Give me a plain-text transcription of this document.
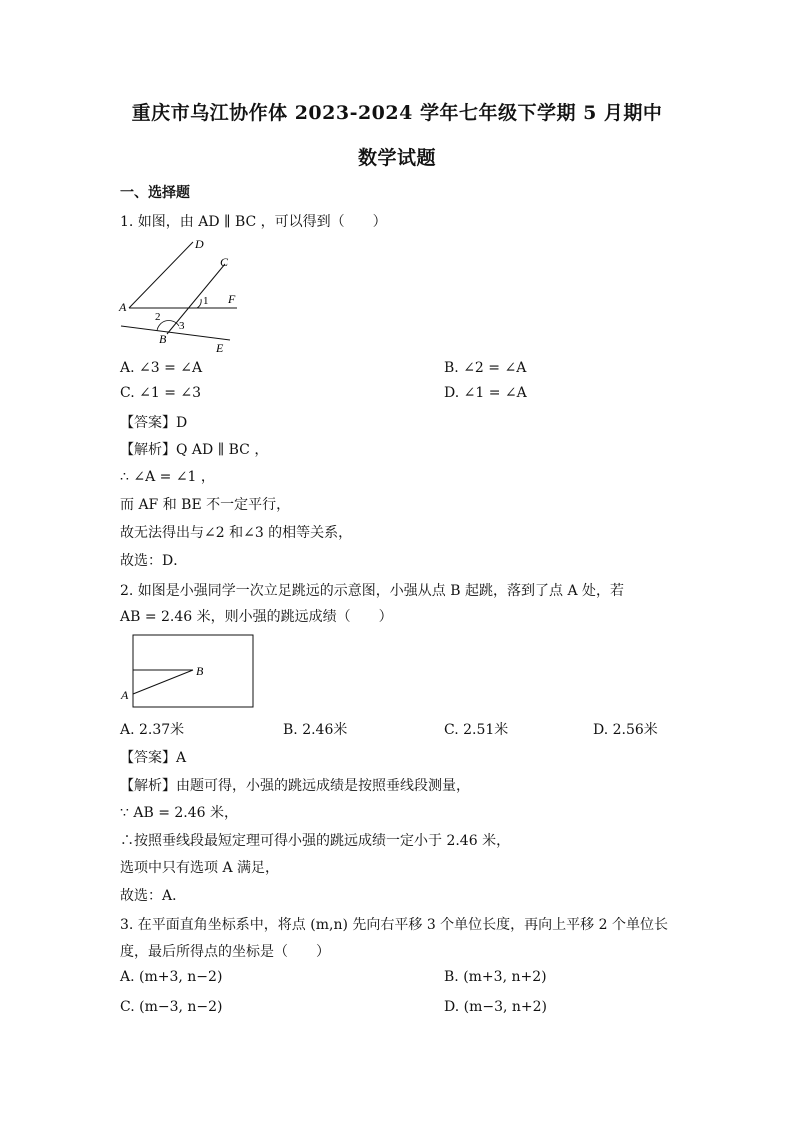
重庆市乌江协作体 2023-2024 学年七年级下学期 5 月期中
数学试题
一、选择题
1. 如图，由 AD ∥ BC ，可以得到（　　）
D
C
A
F
1
2
3
B
E
A. ∠3 = ∠A	B. ∠2 = ∠A
C. ∠1 = ∠3	D. ∠1 = ∠A
【答案】D
【解析】Q AD ∥ BC ，
∴ ∠A = ∠1 ，
而 AF 和 BE 不一定平行，
故无法得出与∠2 和∠3 的相等关系，
故选：D．
2. 如图是小强同学一次立足跳远的示意图，小强从点 B 起跳，落到了点 A 处，若
AB = 2.46 米，则小强的跳远成绩（　　）
B
A
A. 2.37米	B. 2.46米	C. 2.51米	D. 2.56米
【答案】A
【解析】由题可得，小强的跳远成绩是按照垂线段测量，
∵ AB = 2.46 米，
∴按照垂线段最短定理可得小强的跳远成绩一定小于 2.46 米，
选项中只有选项 A 满足，
故选：A．
3. 在平面直角坐标系中，将点 (m,n) 先向右平移 3 个单位长度，再向上平移 2 个单位长
度，最后所得点的坐标是（　　）
A. (m+3, n−2)	B. (m+3, n+2)
C. (m−3, n−2)	D. (m−3, n+2)
